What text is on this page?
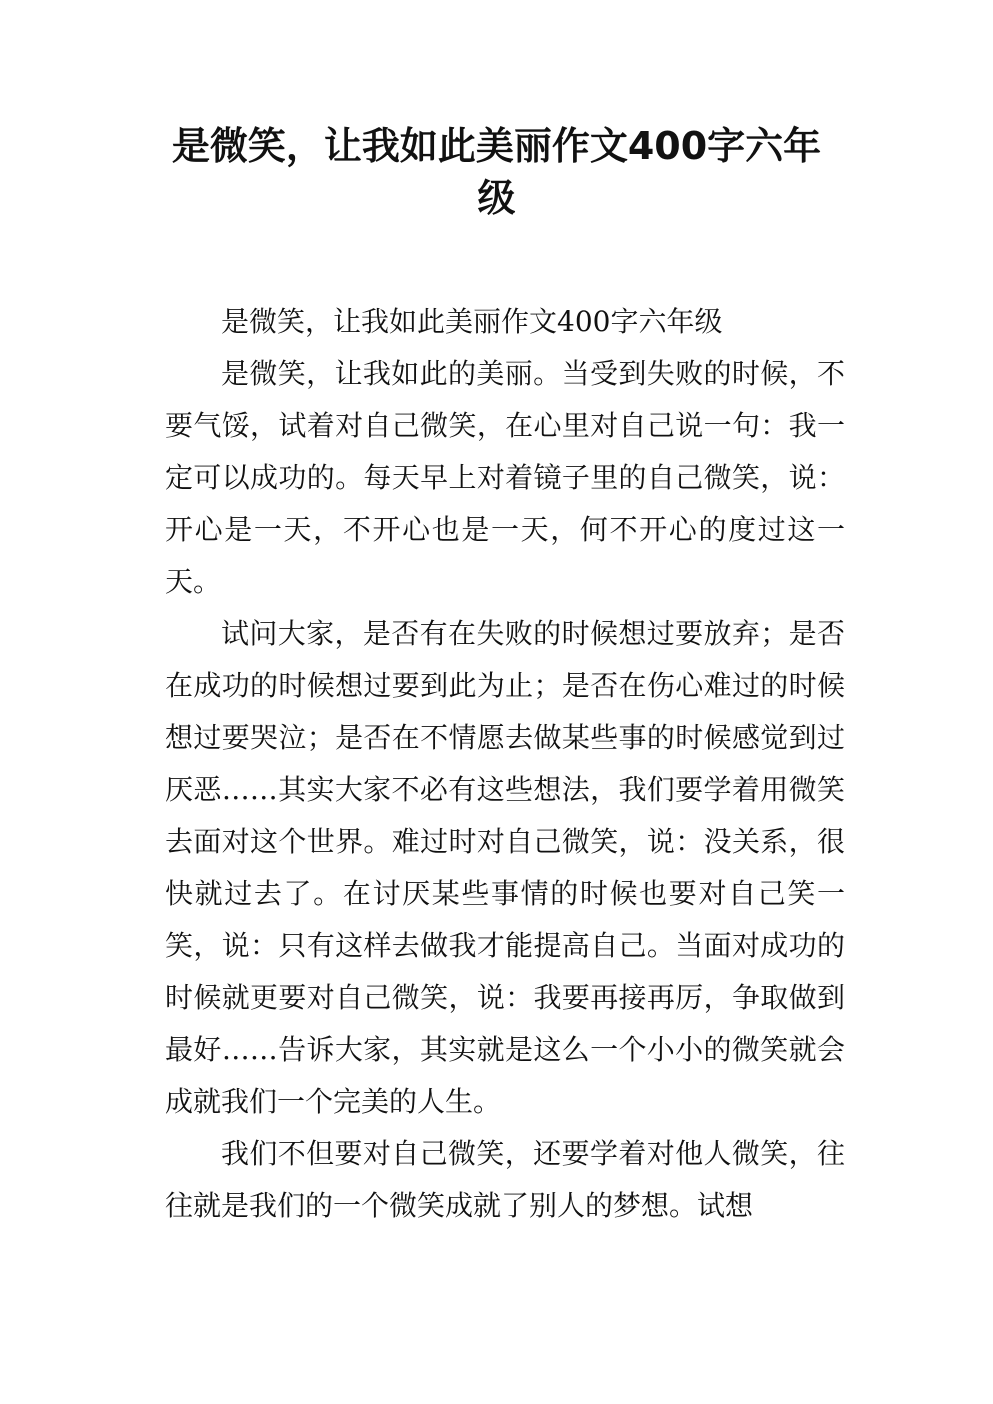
是微笑，让我如此美丽作文400字六年级

是微笑，让我如此美丽作文400字六年级

是微笑，让我如此的美丽。当受到失败的时候，不要气馁，试着对自己微笑，在心里对自己说一句：我一定可以成功的。每天早上对着镜子里的自己微笑，说：开心是一天，不开心也是一天，何不开心的度过这一天。

试问大家，是否有在失败的时候想过要放弃；是否在成功的时候想过要到此为止；是否在伤心难过的时候想过要哭泣；是否在不情愿去做某些事的时候感觉到过厌恶……其实大家不必有这些想法，我们要学着用微笑去面对这个世界。难过时对自己微笑，说：没关系，很快就过去了。在讨厌某些事情的时候也要对自己笑一笑，说：只有这样去做我才能提高自己。当面对成功的时候就更要对自己微笑，说：我要再接再厉，争取做到最好……告诉大家，其实就是这么一个小小的微笑就会成就我们一个完美的人生。

我们不但要对自己微笑，还要学着对他人微笑，往往就是我们的一个微笑成就了别人的梦想。试想
